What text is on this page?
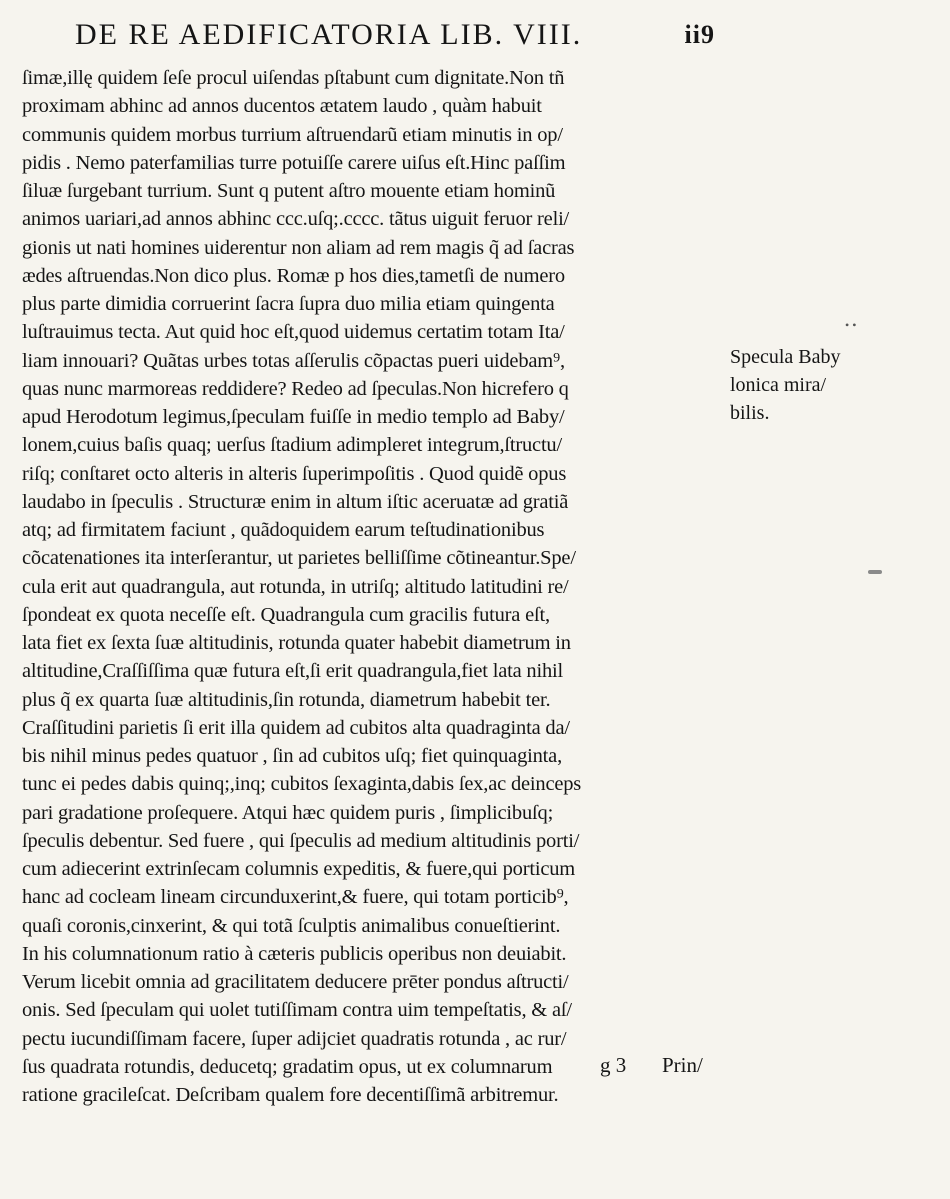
DE RE AEDIFICATORIA LIB. VIII.	ii9
ſimæ,illę quidem ſeſe procul uiſendas pſtabunt cum dignitate.Non tñ
proximam abhinc ad annos ducentos ætatem laudo , quàm habuit
communis quidem morbus turrium aſtruendarũ etiam minutis in op/
pidis . Nemo paterfamilias turre potuiſſe carere uiſus eſt.Hinc paſſim
ſiluæ ſurgebant turrium. Sunt q putent aſtro mouente etiam hominũ
animos uariari,ad annos abhinc ccc.uſq;.cccc. tãtus uiguit feruor reli/
gionis ut nati homines uiderentur non aliam ad rem magis q̃ ad ſacras
ædes aſtruendas.Non dico plus. Romæ p hos dies,tametſi de numero
plus parte dimidia corruerint ſacra ſupra duo milia etiam quingenta
luſtrauimus tecta. Aut quid hoc eſt,quod uidemus certatim totam Ita/
liam innouari? Quãtas urbes totas aſſerulis cõpactas pueri uidebam⁹,
quas nunc marmoreas reddidere? Redeo ad ſpeculas.Non hicrefero q
apud Herodotum legimus,ſpeculam fuiſſe in medio templo ad Baby/
lonem,cuius baſis quaq; uerſus ſtadium adimpleret integrum,ſtructu/
riſq; conſtaret octo alteris in alteris ſuperimpoſitis . Quod quidẽ opus
laudabo in ſpeculis . Structuræ enim in altum iſtic aceruatæ ad gratiã
atq; ad firmitatem faciunt , quãdoquidem earum teſtudinationibus
cõcatenationes ita interſerantur, ut parietes belliſſime cõtineantur.Spe/
cula erit aut quadrangula, aut rotunda, in utriſq; altitudo latitudini re/
ſpondeat ex quota neceſſe eſt. Quadrangula cum gracilis futura eſt,
lata fiet ex ſexta ſuæ altitudinis, rotunda quater habebit diametrum in
altitudine,Craſſiſſima quæ futura eſt,ſi erit quadrangula,fiet lata nihil
plus q̃ ex quarta ſuæ altitudinis,ſin rotunda, diametrum habebit ter.
Craſſitudini parietis ſi erit illa quidem ad cubitos alta quadraginta da/
bis nihil minus pedes quatuor , ſin ad cubitos uſq; fiet quinquaginta,
tunc ei pedes dabis quinq;,inq; cubitos ſexaginta,dabis ſex,ac deinceps
pari gradatione proſequere. Atqui hæc quidem puris , ſimplicibuſq;
ſpeculis debentur. Sed fuere , qui ſpeculis ad medium altitudinis porti/
cum adiecerint extrinſecam columnis expeditis, & fuere,qui porticum
hanc ad cocleam lineam circunduxerint,& fuere, qui totam porticib⁹,
quaſi coronis,cinxerint, & qui totã ſculptis animalibus conueſtierint.
In his columnationum ratio à cæteris publicis operibus non deuiabit.
Verum licebit omnia ad gracilitatem deducere prēter pondus aſtructi/
onis. Sed ſpeculam qui uolet tutiſſimam contra uim tempeſtatis, & aſ/
pectu iucundiſſimam facere, ſuper adijciet quadratis rotunda , ac rur/
ſus quadrata rotundis, deducetq; gradatim opus, ut ex columnarum
ratione gracileſcat. Deſcribam qualem fore decentiſſimã arbitremur.
• •
Specula Baby
lonica mira/
bilis.
g 3 Prin/
